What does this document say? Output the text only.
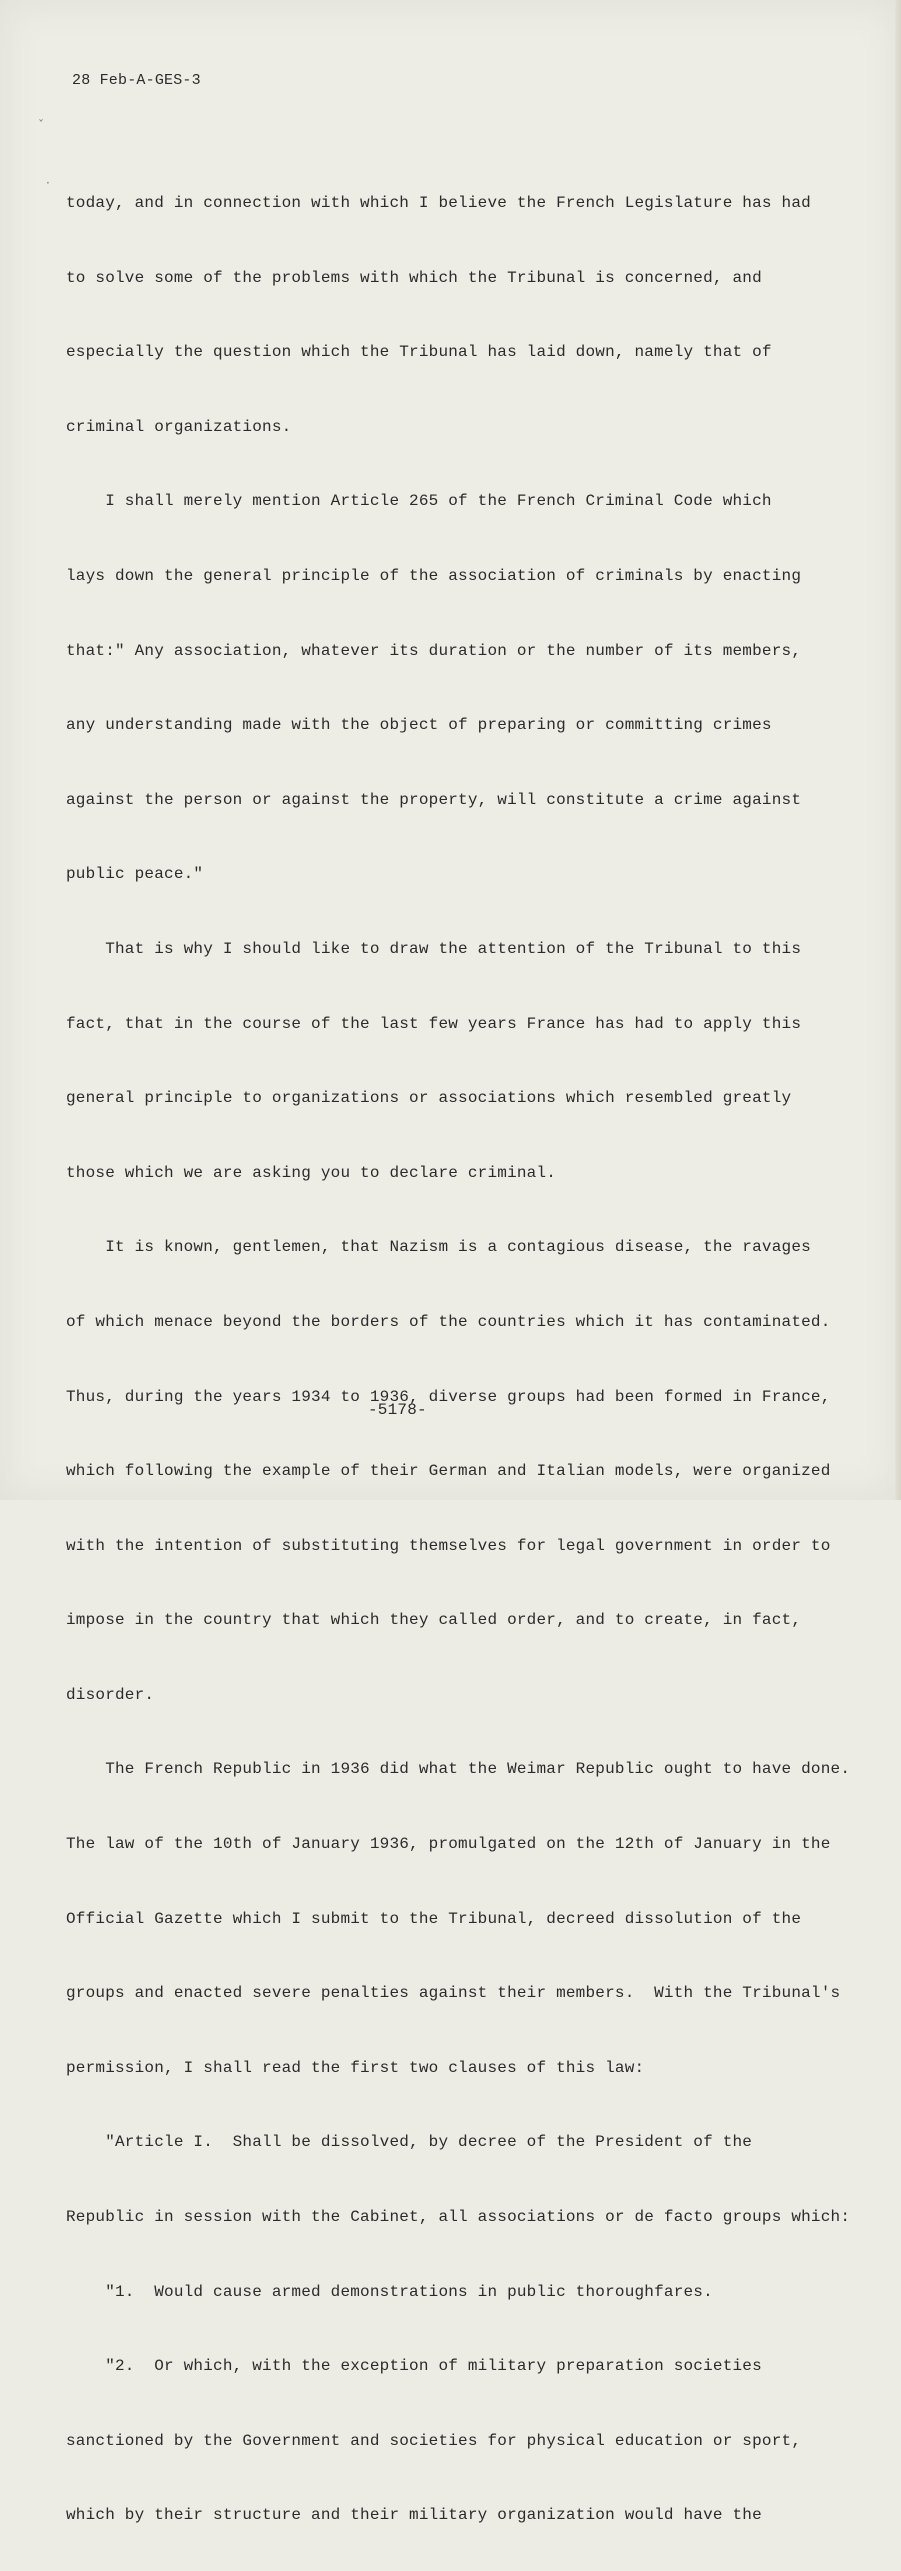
28 Feb-A-GES-3

today, and in connection with which I believe the French Legislature has had

to solve some of the problems with which the Tribunal is concerned, and

especially the question which the Tribunal has laid down, namely that of

criminal organizations.

I shall merely mention Article 265 of the French Criminal Code which

lays down the general principle of the association of criminals by enacting

that:" Any association, whatever its duration or the number of its members,

any understanding made with the object of preparing or committing crimes

against the person or against the property, will constitute a crime against

public peace."

That is why I should like to draw the attention of the Tribunal to this

fact, that in the course of the last few years France has had to apply this

general principle to organizations or associations which resembled greatly

those which we are asking you to declare criminal.

It is known, gentlemen, that Nazism is a contagious disease, the ravages

of which menace beyond the borders of the countries which it has contaminated.

Thus, during the years 1934 to 1936, diverse groups had been formed in France,

which following the example of their German and Italian models, were organized

with the intention of substituting themselves for legal government in order to

impose in the country that which they called order, and to create, in fact,

disorder.

The French Republic in 1936 did what the Weimar Republic ought to have done.

The law of the 10th of January 1936, promulgated on the 12th of January in the

Official Gazette which I submit to the Tribunal, decreed dissolution of the

groups and enacted severe penalties against their members.  With the Tribunal's

permission, I shall read the first two clauses of this law:

"Article I.  Shall be dissolved, by decree of the President of the

Republic in session with the Cabinet, all associations or de facto groups which:

"1.  Would cause armed demonstrations in public thoroughfares.

"2.  Or which, with the exception of military preparation societies

sanctioned by the Government and societies for physical education or sport,

which by their structure and their military organization would have the

-5178-
ˇ
·
